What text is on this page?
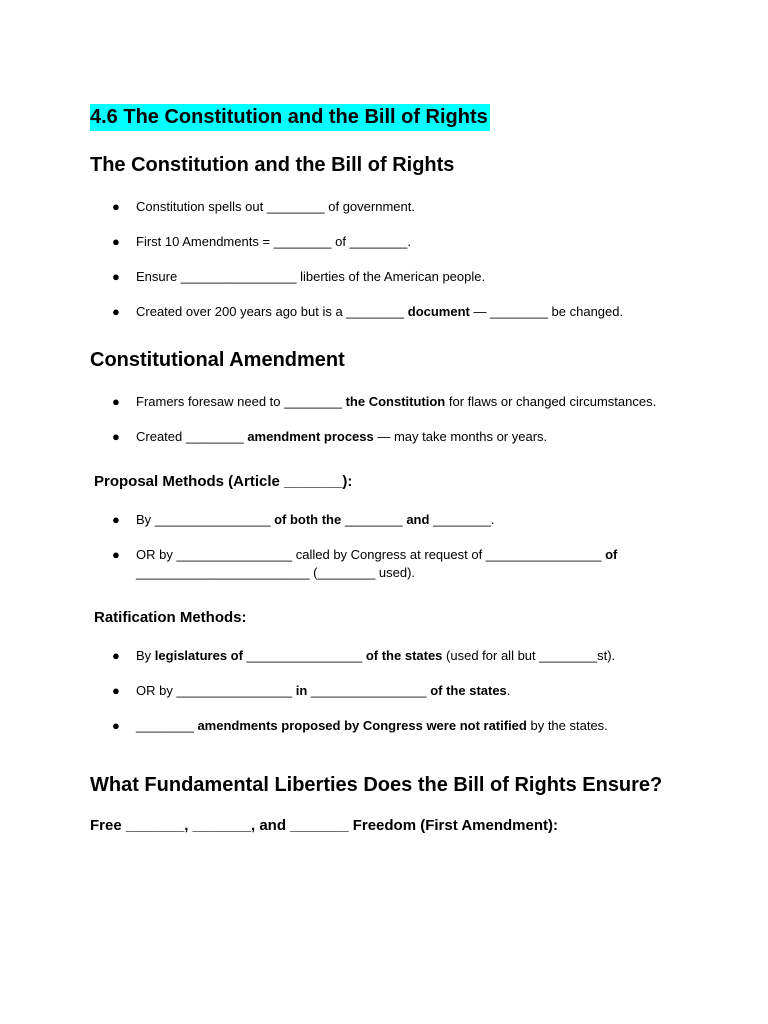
4.6 The Constitution and the Bill of Rights
The Constitution and the Bill of Rights
● Constitution spells out ________ of government.
● First 10 Amendments = ________ of ________.
● Ensure ________________ liberties of the American people.
● Created over 200 years ago but is a ________ document — ________ be changed.
Constitutional Amendment
● Framers foresaw need to ________ the Constitution for flaws or changed circumstances.
● Created ________ amendment process — may take months or years.
Proposal Methods (Article _______):
● By ________________ of both the ________ and ________.
● OR by ________________ called by Congress at request of ________________ of ________________________ (________ used).
Ratification Methods:
● By legislatures of ________________ of the states (used for all but ________st).
● OR by ________________ in ________________ of the states.
● ________ amendments proposed by Congress were not ratified by the states.
What Fundamental Liberties Does the Bill of Rights Ensure?
Free _______, _______, and _______ Freedom (First Amendment):
